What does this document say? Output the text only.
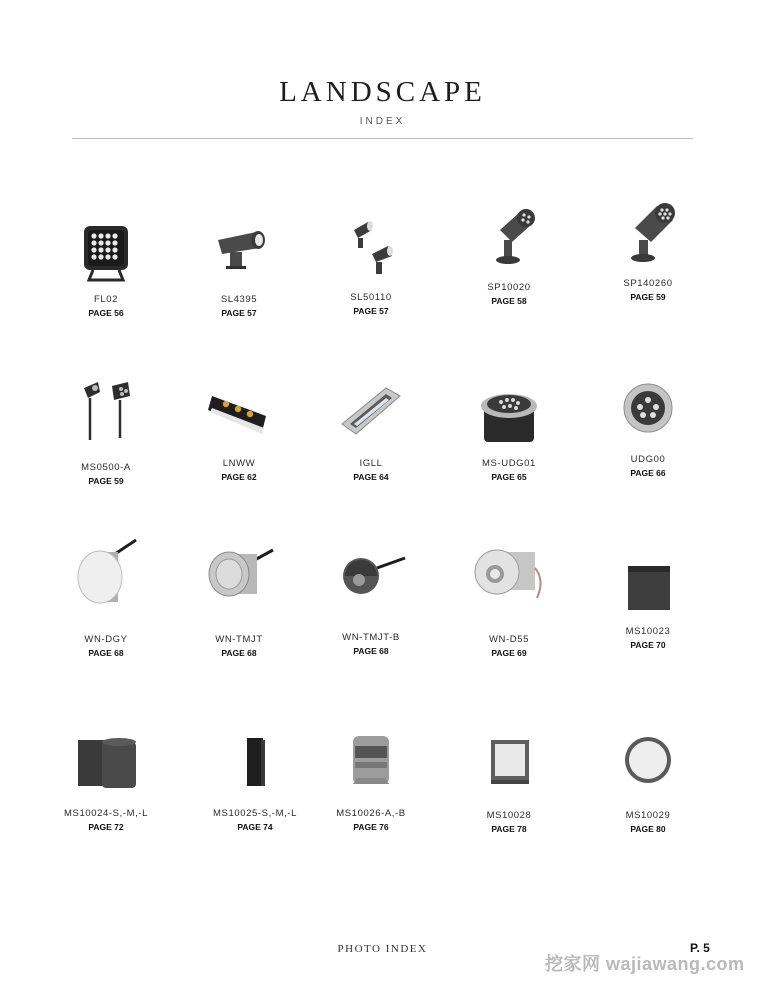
LANDSCAPE
INDEX
FL02
PAGE 56
SL4395
PAGE 57
SL50110
PAGE 57
SP10020
PAGE 58
SP140260
PAGE 59
MS0500-A
PAGE 59
LNWW
PAGE 62
IGLL
PAGE 64
MS-UDG01
PAGE 65
UDG00
PAGE 66
WN-DGY
PAGE 68
WN-TMJT
PAGE 68
WN-TMJT-B
PAGE 68
WN-D55
PAGE 69
MS10023
PAGE 70
MS10024-S,-M,-L
PAGE 72
MS10025-S,-M,-L
PAGE 74
MS10026-A,-B
PAGE 76
MS10028
PAGE 78
MS10029
PAGE 80
PHOTO INDEX	P. 5
挖家网 wajiawang.com
